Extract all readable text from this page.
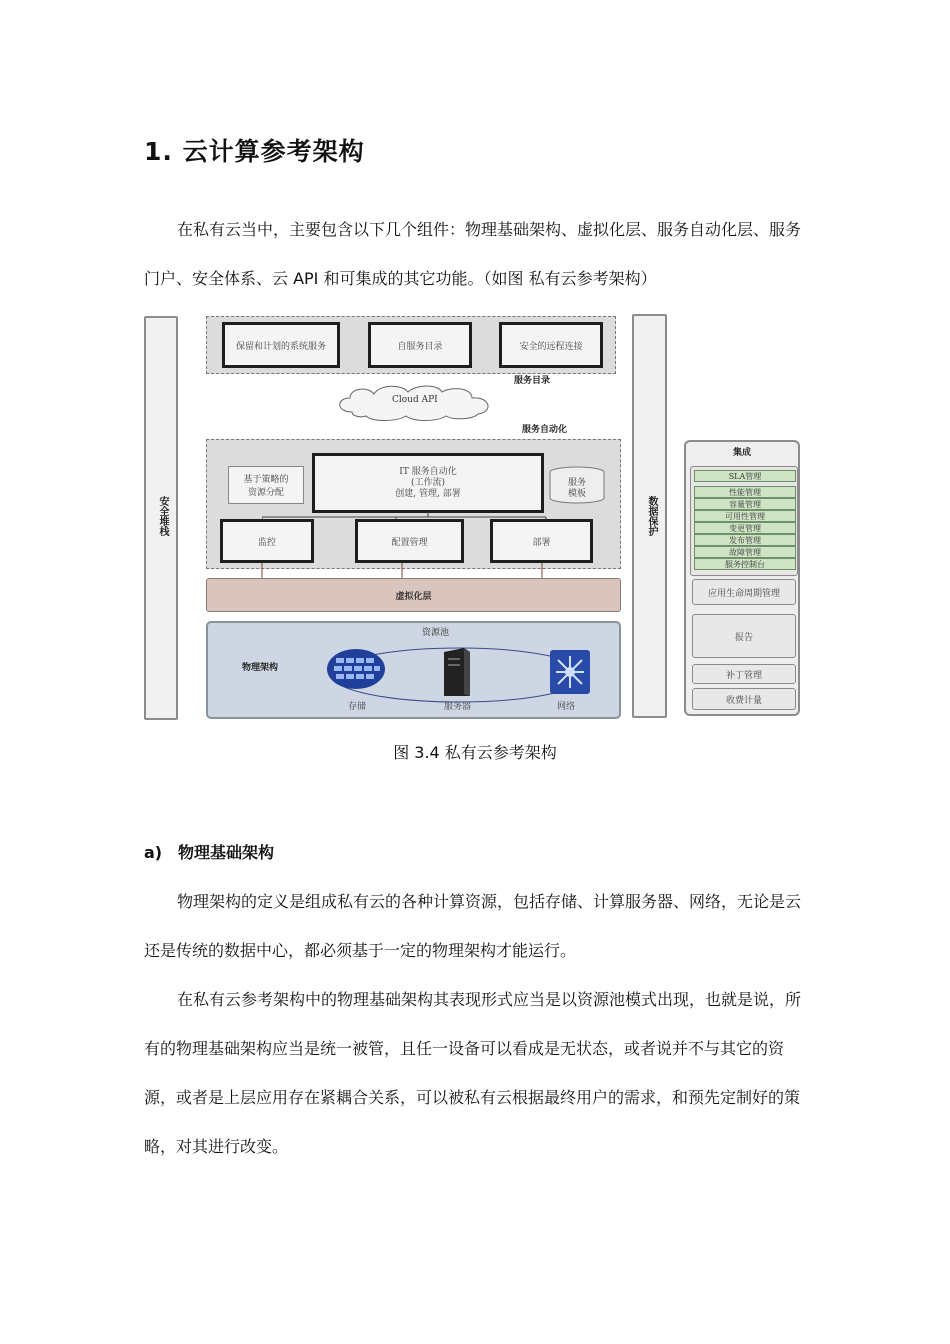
1. 云计算参考架构

在私有云当中，主要包含以下几个组件：物理基础架构、虚拟化层、服务自动化层、服务门户、安全体系、云 API 和可集成的其它功能。（如图 私有云参考架构）

安全堆栈	数据保护
保留和计划的系统服务	自服务目录	安全的远程连接
服务目录
Cloud API
服务自动化
基于策略的
资源分配
IT 服务自动化
(工作流)
创建, 管理, 部署
服务
模板
监控	配置管理	部署
虚拟化层
资源池
物理架构
存储	服务器	网络
集成
SLA管理
性能管理
容量管理
可用性管理
变更管理
发布管理
故障管理
服务控制台
应用生命周期管理
报告
补丁管理
收费计量
图 3.4 私有云参考架构
a) 物理基础架构

物理架构的定义是组成私有云的各种计算资源，包括存储、计算服务器、网络，无论是云还是传统的数据中心，都必须基于一定的物理架构才能运行。

在私有云参考架构中的物理基础架构其表现形式应当是以资源池模式出现，也就是说，所有的物理基础架构应当是统一被管，且任一设备可以看成是无状态，或者说并不与其它的资源，或者是上层应用存在紧耦合关系，可以被私有云根据最终用户的需求，和预先定制好的策略，对其进行改变。
